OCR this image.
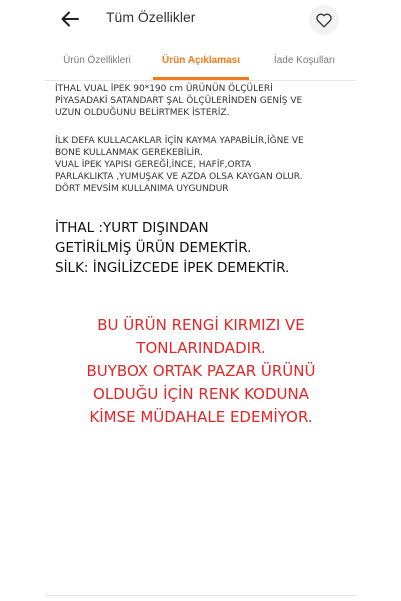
Tüm Özellikler
Ürün Özellikleri	Ürün Açıklaması	İade Koşulları
İTHAL VUAL İPEK 90*190 cm ÜRÜNÜN ÖLÇÜLERİ
PİYASADAKİ SATANDART ŞAL ÖLÇÜLERİNDEN GENİŞ VE
UZUN OLDUĞUNU BELİRTMEK İSTERİZ.
İLK DEFA KULLACAKLAR İÇİN KAYMA YAPABİLİR,İĞNE VE
BONE KULLANMAK GEREKEBİLİR.
VUAL İPEK YAPISI GEREĞİ,İNCE, HAFİF,ORTA
PARLAKLIKTA ,YUMUŞAK VE AZDA OLSA KAYGAN OLUR.
DÖRT MEVSİM KULLANIMA UYGUNDUR
İTHAL :YURT DIŞINDAN
GETİRİLMİŞ ÜRÜN DEMEKTİR.
SİLK: İNGİLİZCEDE İPEK DEMEKTİR.
BU ÜRÜN RENGİ KIRMIZI VE
TONLARINDADIR.
BUYBOX ORTAK PAZAR ÜRÜNÜ
OLDUĞU İÇİN RENK KODUNA
KİMSE MÜDAHALE EDEMİYOR.
